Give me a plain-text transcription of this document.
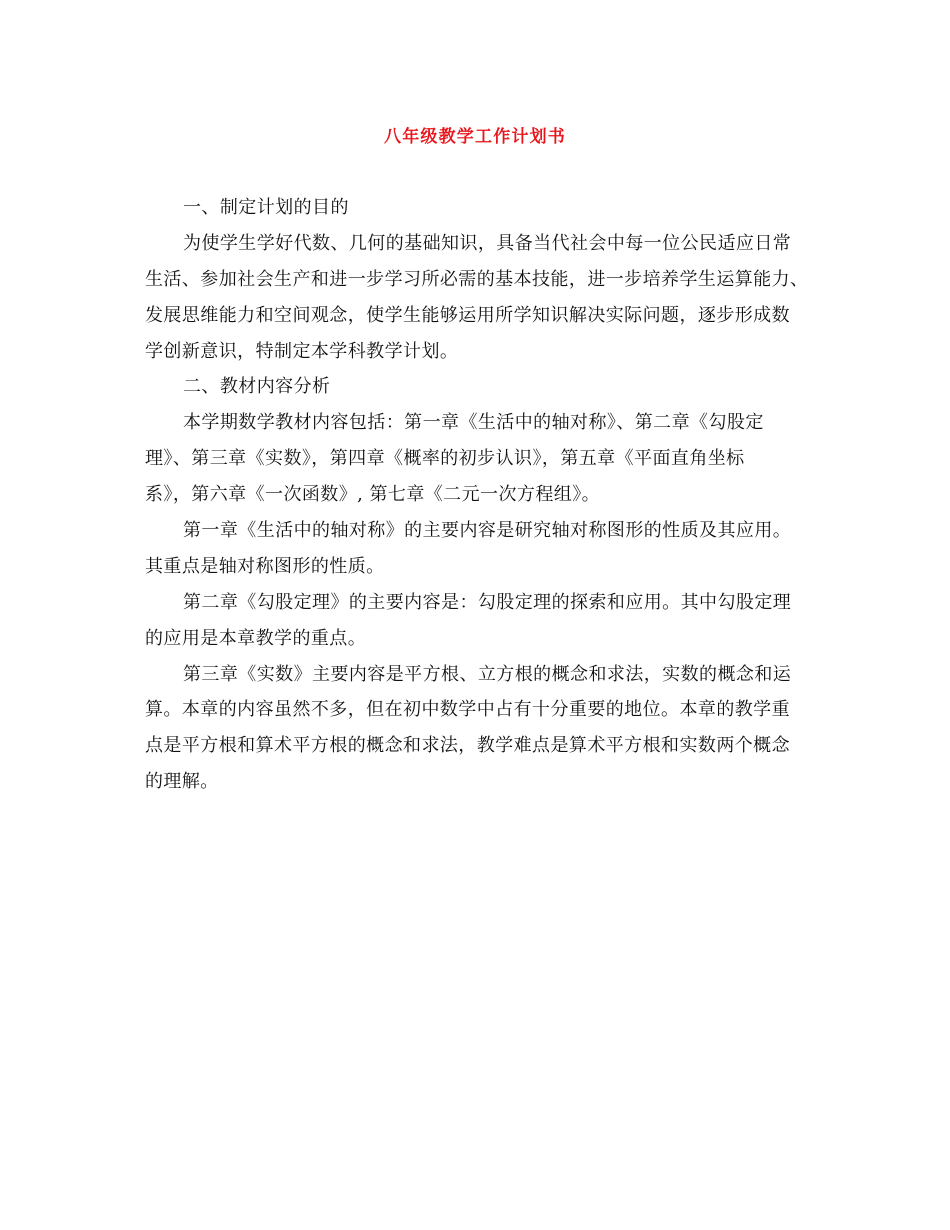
八年级教学工作计划书
一、制定计划的目的
为使学生学好代数、几何的基础知识，具备当代社会中每一位公民适应日常
生活、参加社会生产和进一步学习所必需的基本技能，进一步培养学生运算能力、
发展思维能力和空间观念，使学生能够运用所学知识解决实际问题，逐步形成数
学创新意识，特制定本学科教学计划。
二、教材内容分析
本学期数学教材内容包括：第一章《生活中的轴对称》、第二章《勾股定
理》、第三章《实数》，第四章《概率的初步认识》，第五章《平面直角坐标
系》，第六章《一次函数》, 第七章《二元一次方程组》。
第一章《生活中的轴对称》的主要内容是研究轴对称图形的性质及其应用。
其重点是轴对称图形的性质。
第二章《勾股定理》的主要内容是：勾股定理的探索和应用。其中勾股定理
的应用是本章教学的重点。
第三章《实数》主要内容是平方根、立方根的概念和求法，实数的概念和运
算。本章的内容虽然不多，但在初中数学中占有十分重要的地位。本章的教学重
点是平方根和算术平方根的概念和求法，教学难点是算术平方根和实数两个概念
的理解。
